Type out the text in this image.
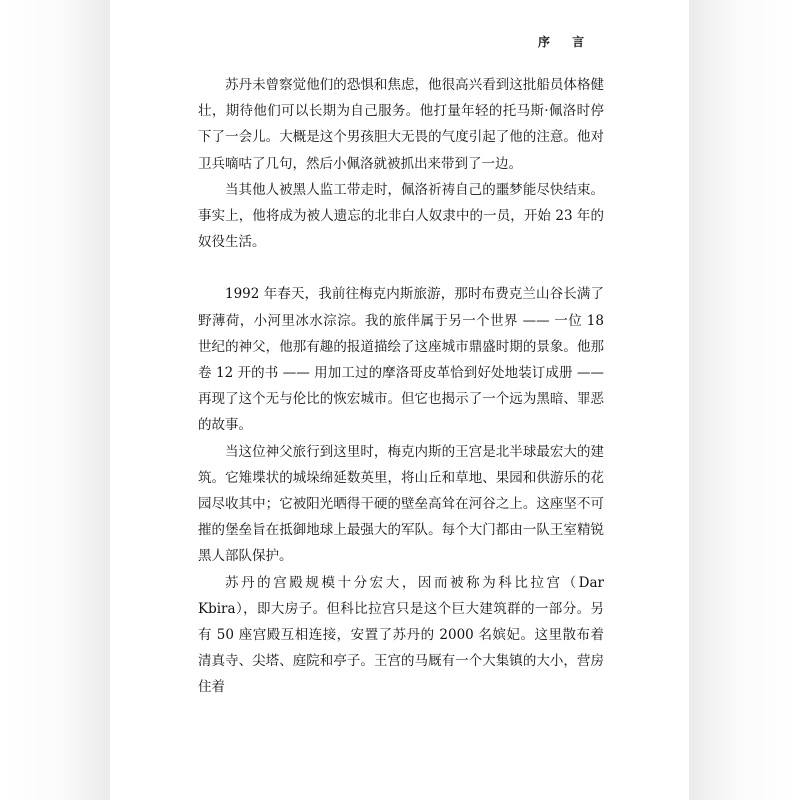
序 言

苏丹未曾察觉他们的恐惧和焦虑，他很高兴看到这批船员体格健壮，期待他们可以长期为自己服务。他打量年轻的托马斯·佩洛时停下了一会儿。大概是这个男孩胆大无畏的气度引起了他的注意。他对卫兵嘀咕了几句，然后小佩洛就被抓出来带到了一边。

当其他人被黑人监工带走时，佩洛祈祷自己的噩梦能尽快结束。事实上，他将成为被人遗忘的北非白人奴隶中的一员，开始 23 年的奴役生活。

1992 年春天，我前往梅克内斯旅游，那时布费克兰山谷长满了野薄荷，小河里冰水淙淙。我的旅伴属于另一个世界 —— 一位 18 世纪的神父，他那有趣的报道描绘了这座城市鼎盛时期的景象。他那卷 12 开的书 —— 用加工过的摩洛哥皮革恰到好处地装订成册 —— 再现了这个无与伦比的恢宏城市。但它也揭示了一个远为黑暗、罪恶的故事。

当这位神父旅行到这里时，梅克内斯的王宫是北半球最宏大的建筑。它雉堞状的城垛绵延数英里，将山丘和草地、果园和供游乐的花园尽收其中；它被阳光晒得干硬的壁垒高耸在河谷之上。这座坚不可摧的堡垒旨在抵御地球上最强大的军队。每个大门都由一队王室精锐黑人部队保护。

苏丹的宫殿规模十分宏大，因而被称为科比拉宫（Dar Kbira），即大房子。但科比拉宫只是这个巨大建筑群的一部分。另有 50 座宫殿互相连接，安置了苏丹的 2000 名嫔妃。这里散布着清真寺、尖塔、庭院和亭子。王宫的马厩有一个大集镇的大小，营房住着
